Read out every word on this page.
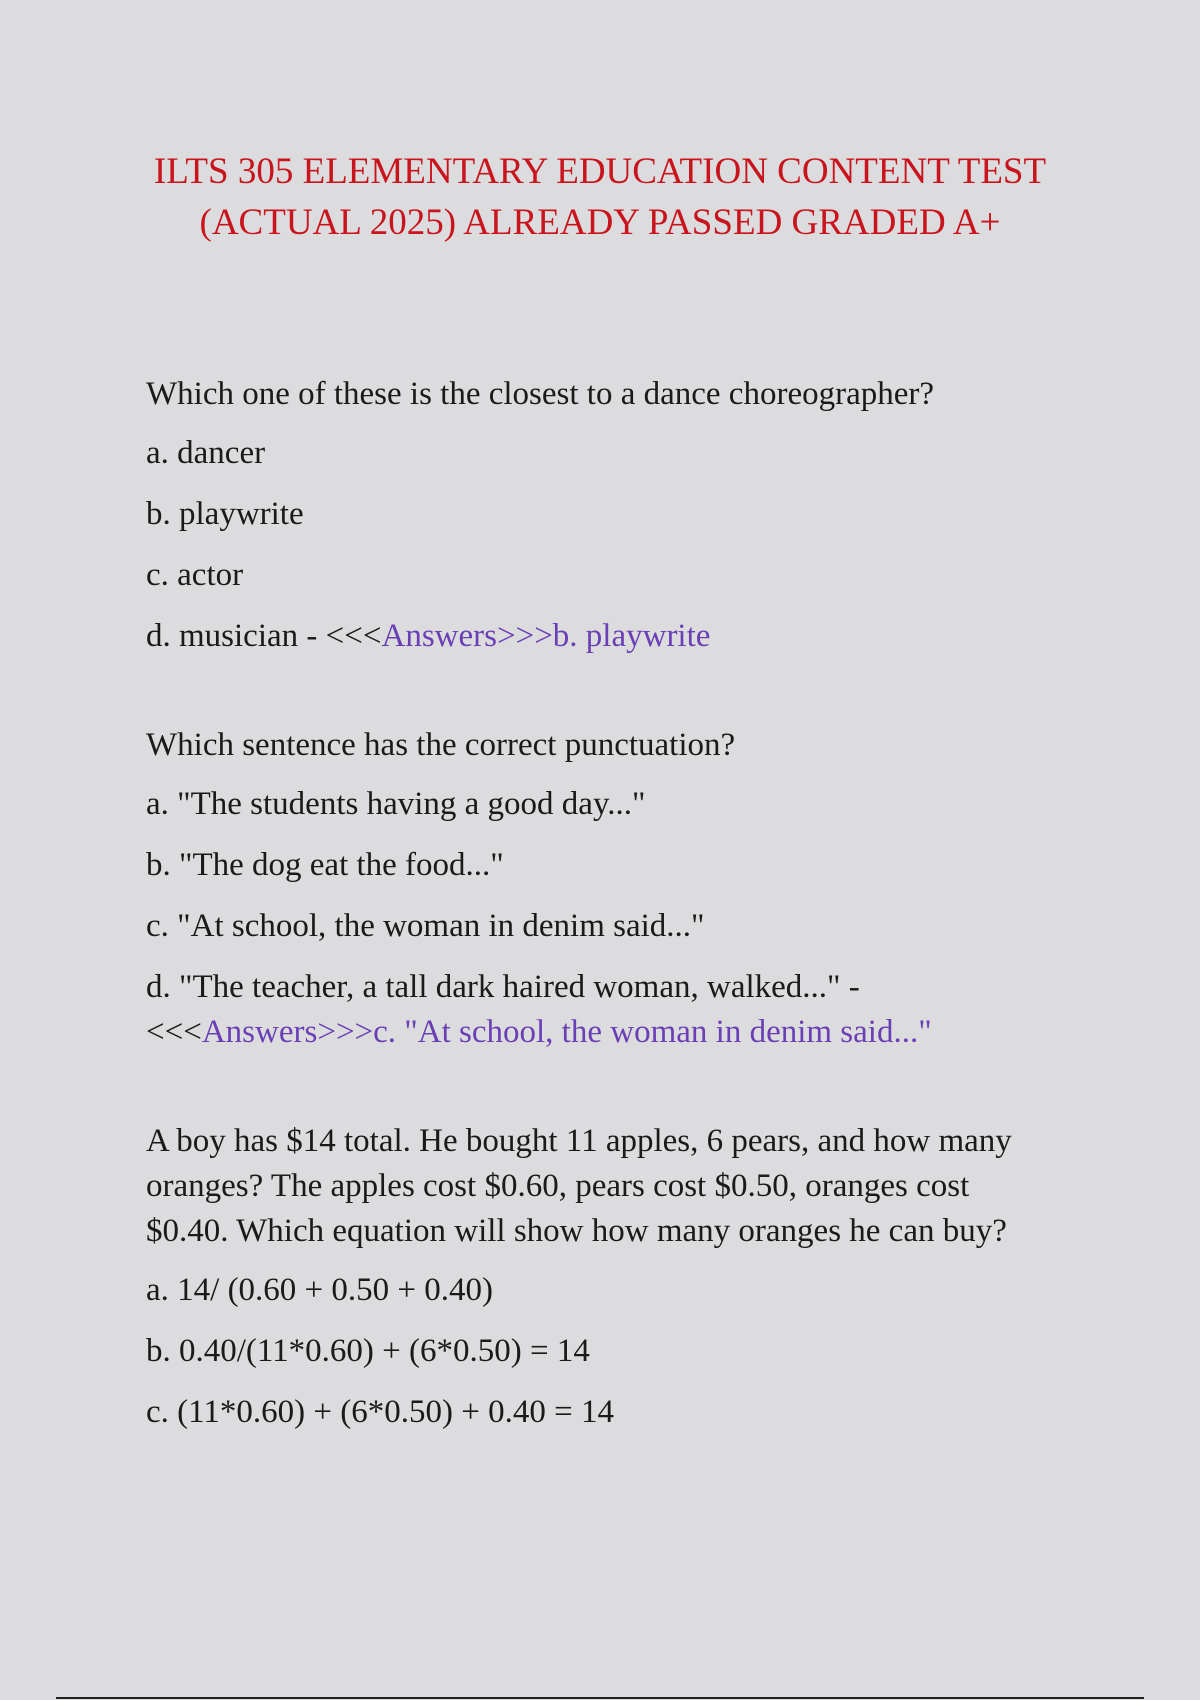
ILTS 305 ELEMENTARY EDUCATION CONTENT TEST (ACTUAL 2025) ALREADY PASSED GRADED A+
Which one of these is the closest to a dance choreographer?
a. dancer
b. playwrite
c. actor
d. musician - <<<Answers>>>b. playwrite
Which sentence has the correct punctuation?
a. "The students having a good day..."
b. "The dog eat the food..."
c. "At school, the woman in denim said..."
d. "The teacher, a tall dark haired woman, walked..." -
<<<Answers>>>c. "At school, the woman in denim said..."
A boy has $14 total. He bought 11 apples, 6 pears, and how many oranges? The apples cost $0.60, pears cost $0.50, oranges cost $0.40. Which equation will show how many oranges he can buy?
a. 14/ (0.60 + 0.50 + 0.40)
b. 0.40/(11*0.60) + (6*0.50) = 14
c. (11*0.60) + (6*0.50) + 0.40 = 14
